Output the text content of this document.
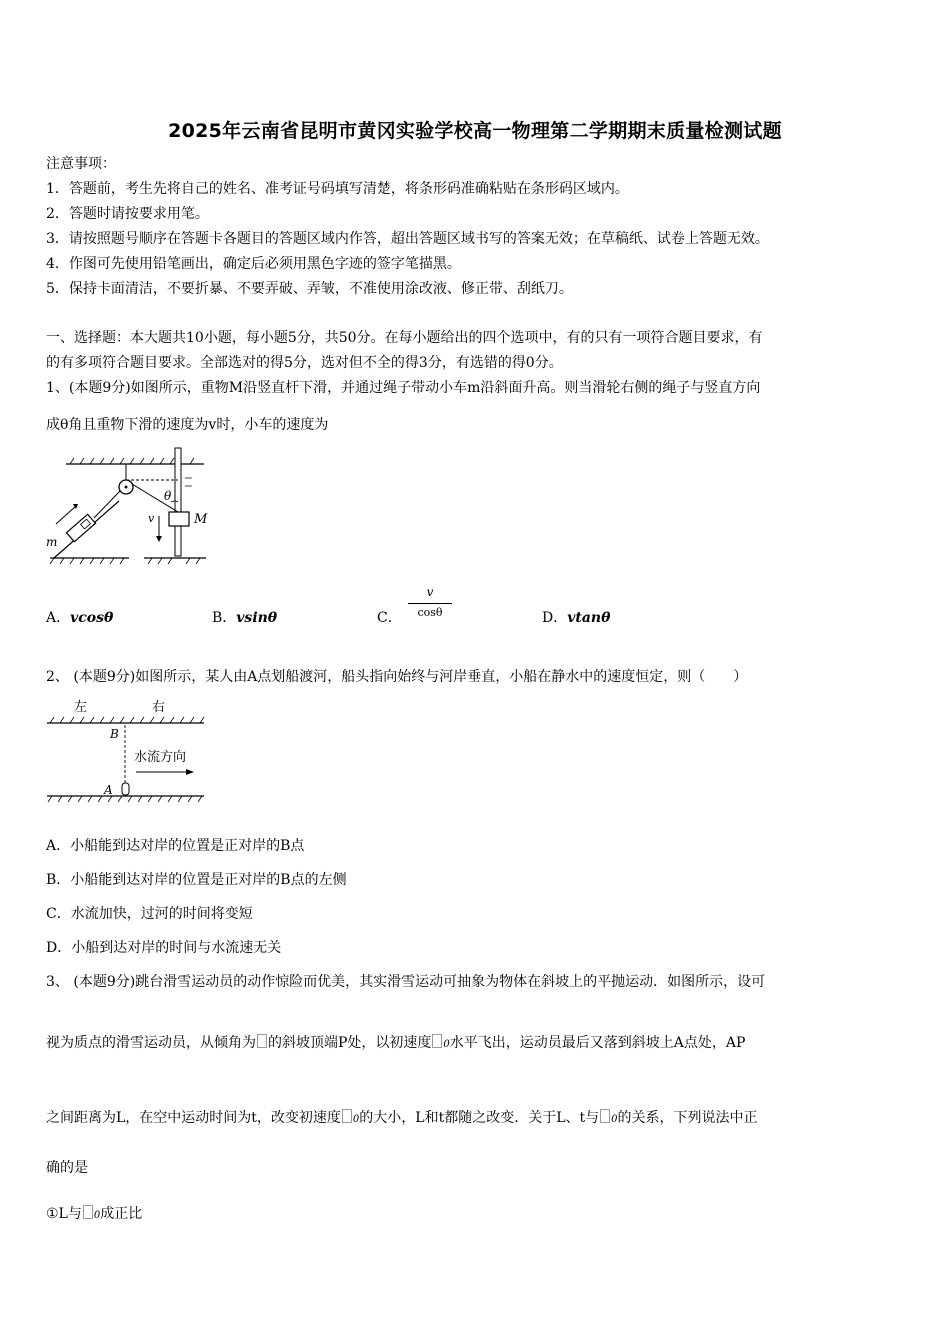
2025年云南省昆明市黄冈实验学校高一物理第二学期期末质量检测试题
注意事项：
1．答题前，考生先将自己的姓名、准考证号码填写清楚，将条形码准确粘贴在条形码区域内。
2．答题时请按要求用笔。
3．请按照题号顺序在答题卡各题目的答题区域内作答，超出答题区域书写的答案无效；在草稿纸、试卷上答题无效。
4．作图可先使用铅笔画出，确定后必须用黑色字迹的签字笔描黑。
5．保持卡面清洁，不要折暴、不要弄破、弄皱，不准使用涂改液、修正带、刮纸刀。
一、选择题：本大题共10小题，每小题5分，共50分。在每小题给出的四个选项中，有的只有一项符合题目要求，有
的有多项符合题目要求。全部选对的得5分，选对但不全的得3分，有选错的得0分。
1、(本题9分)如图所示，重物M沿竖直杆下滑，并通过绳子带动小车m沿斜面升高。则当滑轮右侧的绳子与竖直方向
成θ角且重物下滑的速度为v时，小车的速度为
θ
M
v
m
A．vcosθ	B．vsinθ	C．
v
cosθ	D．vtanθ
2、 (本题9分)如图所示，某人由A点划船渡河，船头指向始终与河岸垂直，小船在静水中的速度恒定，则（　　）
左	右
B
水流方向
A
A．小船能到达对岸的位置是正对岸的B点
B．小船能到达对岸的位置是正对岸的B点的左侧
C．水流加快，过河的时间将变短
D．小船到达对岸的时间与水流速无关
3、 (本题9分)跳台滑雪运动员的动作惊险而优美，其实滑雪运动可抽象为物体在斜坡上的平抛运动．如图所示，设可
视为质点的滑雪运动员，从倾角为 的斜坡顶端P处，以初速度 0水平飞出，运动员最后又落到斜坡上A点处，AP
之间距离为L，在空中运动时间为t，改变初速度 0的大小，L和t都随之改变．关于L、t与 0的关系，下列说法中正
确的是
①L与 0成正比
